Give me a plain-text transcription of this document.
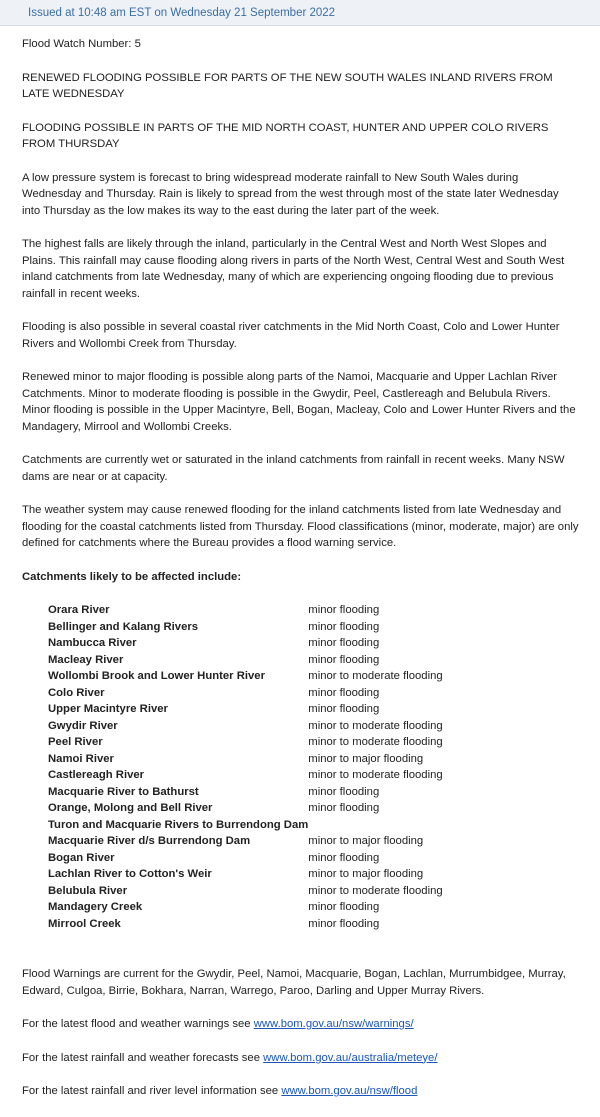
Issued at 10:48 am EST on Wednesday 21 September 2022

Flood Watch Number: 5

RENEWED FLOODING POSSIBLE FOR PARTS OF THE NEW SOUTH WALES INLAND RIVERS FROM LATE WEDNESDAY

FLOODING POSSIBLE IN PARTS OF THE MID NORTH COAST, HUNTER AND UPPER COLO RIVERS FROM THURSDAY

A low pressure system is forecast to bring widespread moderate rainfall to New South Wales during Wednesday and Thursday. Rain is likely to spread from the west through most of the state later Wednesday into Thursday as the low makes its way to the east during the later part of the week.

The highest falls are likely through the inland, particularly in the Central West and North West Slopes and Plains. This rainfall may cause flooding along rivers in parts of the North West, Central West and South West inland catchments from late Wednesday, many of which are experiencing ongoing flooding due to previous rainfall in recent weeks.

Flooding is also possible in several coastal river catchments in the Mid North Coast, Colo and Lower Hunter Rivers and Wollombi Creek from Thursday.

Renewed minor to major flooding is possible along parts of the Namoi, Macquarie and Upper Lachlan River Catchments. Minor to moderate flooding is possible in the Gwydir, Peel, Castlereagh and Belubula Rivers. Minor flooding is possible in the Upper Macintyre, Bell, Bogan, Macleay, Colo and Lower Hunter Rivers and the Mandagery, Mirrool and Wollombi Creeks.

Catchments are currently wet or saturated in the inland catchments from rainfall in recent weeks. Many NSW dams are near or at capacity.

The weather system may cause renewed flooding for the inland catchments listed from late Wednesday and flooding for the coastal catchments listed from Thursday. Flood classifications (minor, moderate, major) are only defined for catchments where the Bureau provides a flood warning service.

Catchments likely to be affected include:

Orara River	minor flooding
Bellinger and Kalang Rivers	minor flooding
Nambucca River	minor flooding
Macleay River	minor flooding
Wollombi Brook and Lower Hunter River	minor to moderate flooding
Colo River	minor flooding
Upper Macintyre River	minor flooding
Gwydir River	minor to moderate flooding
Peel River	minor to moderate flooding
Namoi River	minor to major flooding
Castlereagh River	minor to moderate flooding
Macquarie River to Bathurst	minor flooding
Orange, Molong and Bell River	minor flooding
Turon and Macquarie Rivers to Burrendong Dam	
Macquarie River d/s Burrendong Dam	minor to major flooding
Bogan River	minor flooding
Lachlan River to Cotton's Weir	minor to major flooding
Belubula River	minor to moderate flooding
Mandagery Creek	minor flooding
Mirrool Creek	minor flooding

Flood Warnings are current for the Gwydir, Peel, Namoi, Macquarie, Bogan, Lachlan, Murrumbidgee, Murray, Edward, Culgoa, Birrie, Bokhara, Narran, Warrego, Paroo, Darling and Upper Murray Rivers.

For the latest flood and weather warnings see www.bom.gov.au/nsw/warnings/

For the latest rainfall and weather forecasts see www.bom.gov.au/australia/meteye/

For the latest rainfall and river level information see www.bom.gov.au/nsw/flood
